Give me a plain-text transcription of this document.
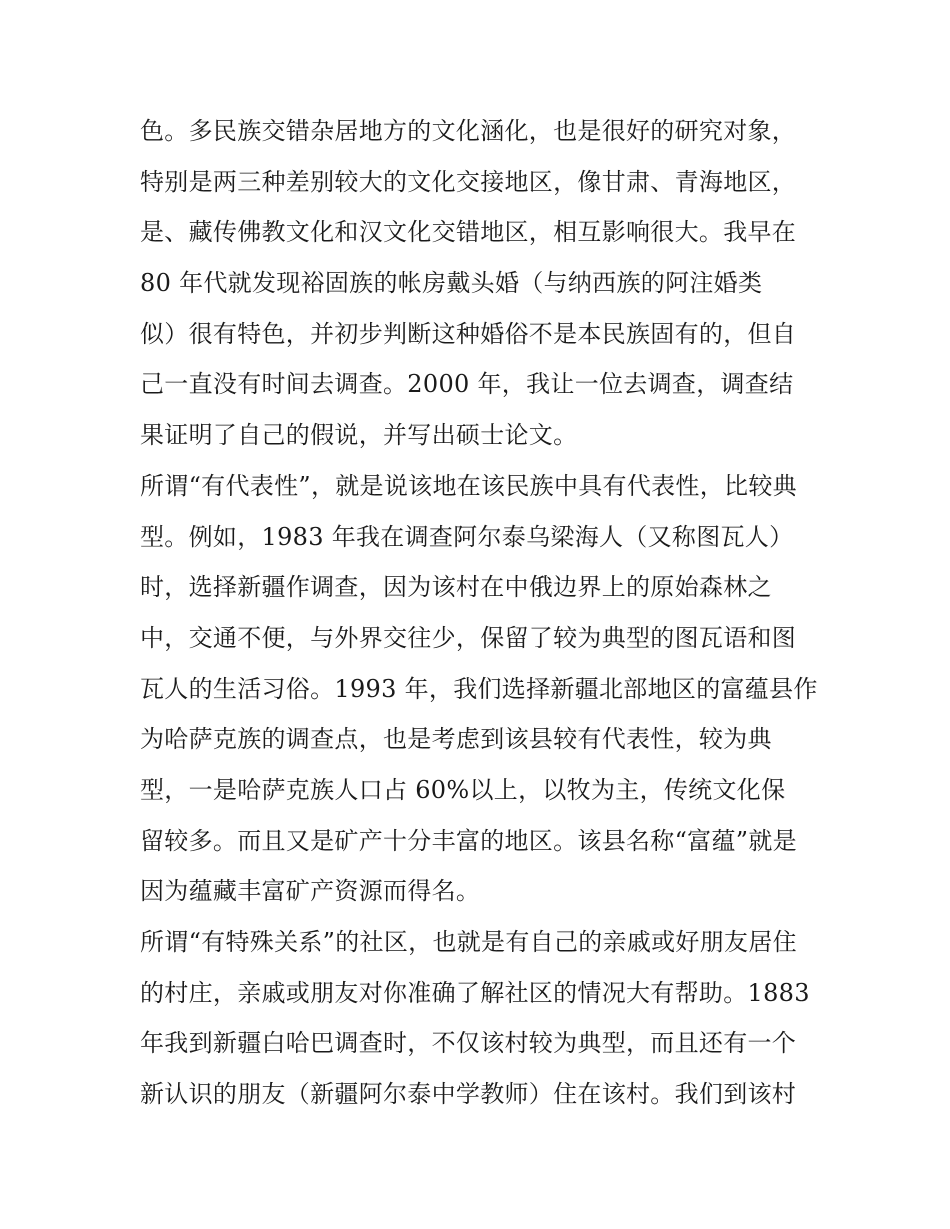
色。多民族交错杂居地方的文化涵化，也是很好的研究对象，
特别是两三种差别较大的文化交接地区，像甘肃、青海地区，
是、藏传佛教文化和汉文化交错地区，相互影响很大。我早在
80 年代就发现裕固族的帐房戴头婚（与纳西族的阿注婚类
似）很有特色，并初步判断这种婚俗不是本民族固有的，但自
己一直没有时间去调查。2000 年，我让一位去调查，调查结
果证明了自己的假说，并写出硕士论文。
所谓“有代表性”，就是说该地在该民族中具有代表性，比较典
型。例如，1983 年我在调查阿尔泰乌梁海人（又称图瓦人）
时，选择新疆作调查，因为该村在中俄边界上的原始森林之
中，交通不便，与外界交往少，保留了较为典型的图瓦语和图
瓦人的生活习俗。1993 年，我们选择新疆北部地区的富蕴县作
为哈萨克族的调查点，也是考虑到该县较有代表性，较为典
型，一是哈萨克族人口占 60%以上，以牧为主，传统文化保
留较多。而且又是矿产十分丰富的地区。该县名称“富蕴”就是
因为蕴藏丰富矿产资源而得名。
所谓“有特殊关系”的社区，也就是有自己的亲戚或好朋友居住
的村庄，亲戚或朋友对你准确了解社区的情况大有帮助。1883
年我到新疆白哈巴调查时，不仅该村较为典型，而且还有一个
新认识的朋友（新疆阿尔泰中学教师）住在该村。我们到该村
